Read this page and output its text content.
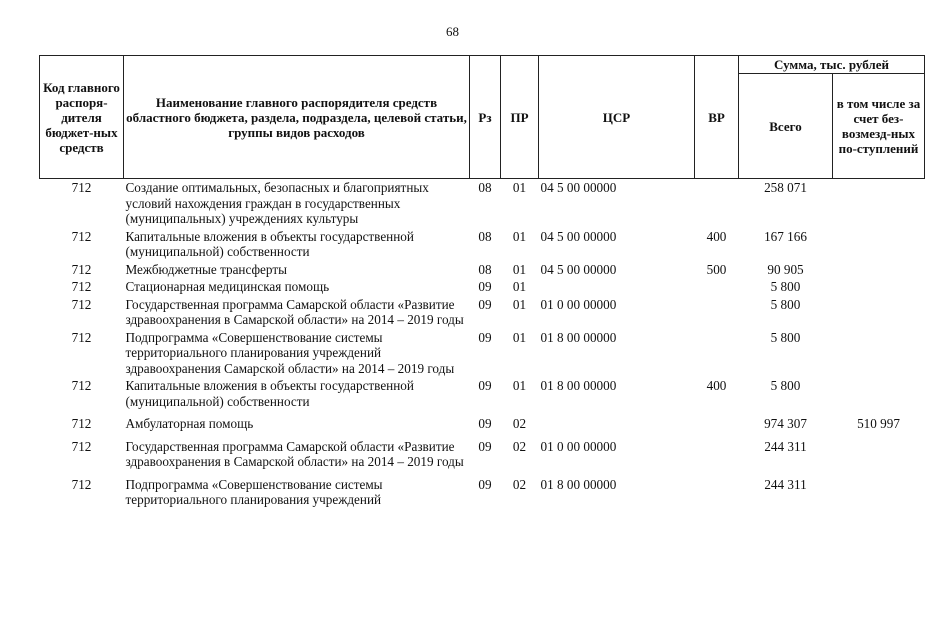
68
Код главного распоря-дителя бюджет-ных средств	Наименование главного распорядителя средств областного бюджета, раздела, подраздела, целевой статьи, группы видов расходов	Рз	ПР	ЦСР	ВР	Сумма, тыс. рублей	
						Всего	в том числе за счет без-возмезд-ных по-ступлений
712	Создание оптимальных, безопасных и благоприятных условий нахождения граждан в государственных (муниципальных) учреждениях культуры	08	01	04 5 00 00000		258 071	
712	Капитальные вложения в объекты государственной (муниципальной) собственности	08	01	04 5 00 00000	400	167 166	
712	Межбюджетные трансферты	08	01	04 5 00 00000	500	90 905	
712	Стационарная медицинская помощь	09	01			5 800	
712	Государственная программа Самарской области «Развитие здравоохранения в Самарской области» на 2014 – 2019 годы	09	01	01 0 00 00000		5 800	
712	Подпрограмма «Совершенствование системы территориального планирования учреждений здравоохранения Самарской области» на 2014 – 2019 годы	09	01	01 8 00 00000		5 800	
712	Капитальные вложения в объекты государственной (муниципальной) собственности	09	01	01 8 00 00000	400	5 800	
712	Амбулаторная помощь	09	02			974 307	510 997
712	Государственная программа Самарской области «Развитие здравоохранения в Самарской области» на 2014 – 2019 годы	09	02	01 0 00 00000		244 311	
712	Подпрограмма «Совершенствование системы территориального планирования учреждений	09	02	01 8 00 00000		244 311	
